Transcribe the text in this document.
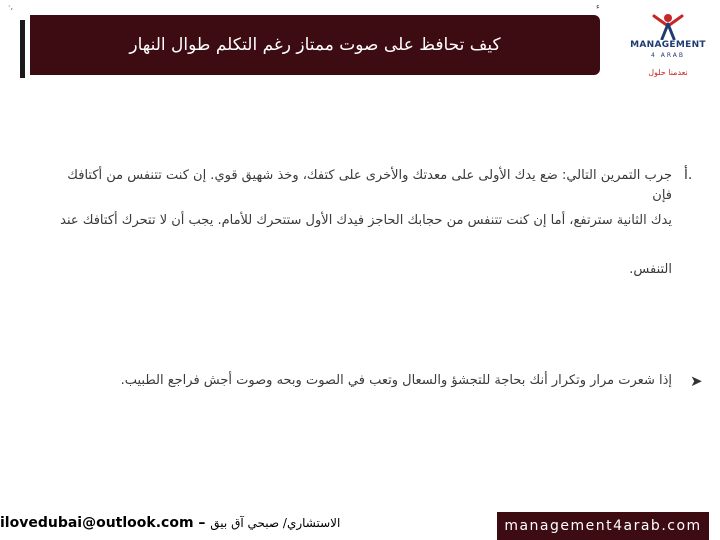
·,	ء
كيف تحافظ على صوت ممتاز رغم التكلم طوال النهار	MANAGEMENT
4 ARAB
نعدمنا حلول
أ.
جرب التمرين التالي: ضع يدك الأولى على معدتك والأخرى على كتفك، وخذ شهيق قوي. إن كنت تتنفس من أكتافك فإن
يدك الثانية سترتفع، أما إن كنت تتنفس من حجابك الحاجز فيدك الأول ستتحرك للأمام. يجب أن لا تتحرك أكتافك عند
التنفس.
➤
إذا شعرت مرار وتكرار أنك بحاجة للتجشؤ والسعال وتعب في الصوت وبحه وصوت أجش فراجع الطبيب.
ilovedubai@outlook.com – الاستشاري/ صبحي آق بيق	management4arab.com
